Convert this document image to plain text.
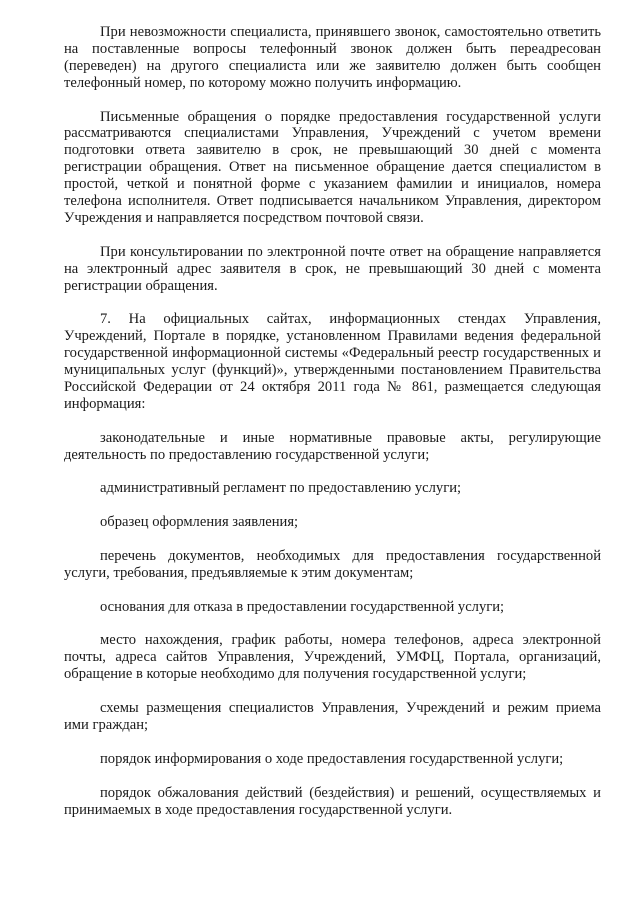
При невозможности специалиста, принявшего звонок, самостоятельно ответить на поставленные вопросы телефонный звонок должен быть переадресован (переведен) на другого специалиста или же заявителю должен быть сообщен телефонный номер, по которому можно получить информацию.

Письменные обращения о порядке предоставления государственной услуги рассматриваются специалистами Управления, Учреждений с учетом времени подготовки ответа заявителю в срок, не превышающий 30 дней с момента регистрации обращения. Ответ на письменное обращение дается специалистом в простой, четкой и понятной форме с указанием фамилии и инициалов, номера телефона исполнителя. Ответ подписывается начальником Управления, директором Учреждения и направляется посредством почтовой связи.

При консультировании по электронной почте ответ на обращение направляется на электронный адрес заявителя в срок, не превышающий 30 дней с момента регистрации обращения.

7. На официальных сайтах, информационных стендах Управления, Учреждений, Портале в порядке, установленном Правилами ведения федеральной государственной информационной системы «Федеральный реестр государственных и муниципальных услуг (функций)», утвержденными постановлением Правительства Российской Федерации от 24 октября 2011 года № 861, размещается следующая информация:

законодательные и иные нормативные правовые акты, регулирующие деятельность по предоставлению государственной услуги;

административный регламент по предоставлению услуги;

образец оформления заявления;

перечень документов, необходимых для предоставления государственной услуги, требования, предъявляемые к этим документам;

основания для отказа в предоставлении государственной услуги;

место нахождения, график работы, номера телефонов, адреса электронной почты, адреса сайтов Управления, Учреждений, УМФЦ, Портала, организаций, обращение в которые необходимо для получения государственной услуги;

схемы размещения специалистов Управления, Учреждений и режим приема ими граждан;

порядок информирования о ходе предоставления государственной услуги;

порядок обжалования действий (бездействия) и решений, осуществляемых и принимаемых в ходе предоставления государственной услуги.
